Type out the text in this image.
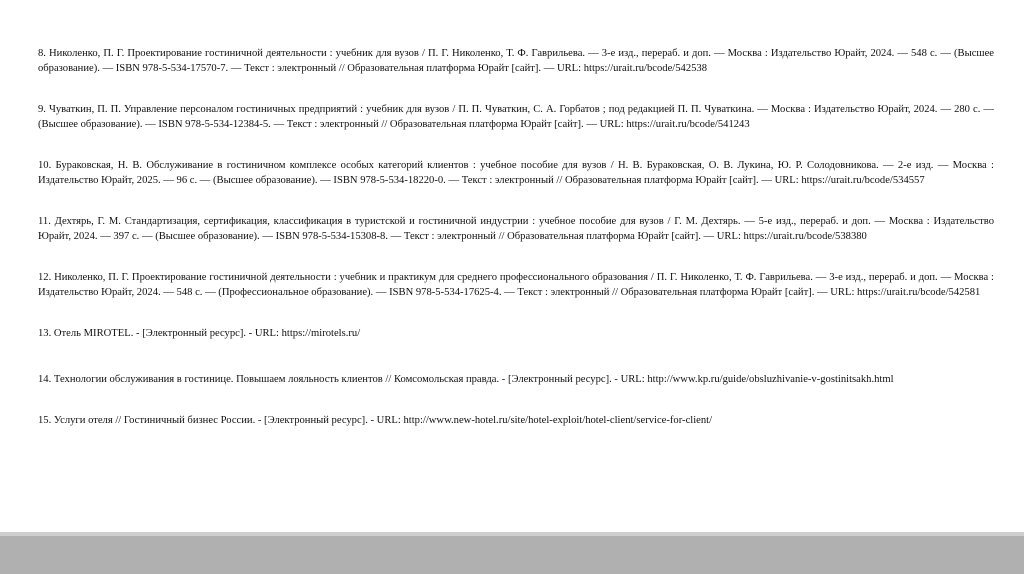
8. Николенко, П. Г. Проектирование гостиничной деятельности : учебник для вузов / П. Г. Николенко, Т. Ф. Гаврильева. — 3-е изд., перераб. и доп. — Москва : Издательство Юрайт, 2024. — 548 с. — (Высшее образование). — ISBN 978-5-534-17570-7. — Текст : электронный // Образовательная платформа Юрайт [сайт]. — URL: https://urait.ru/bcode/542538
9. Чуваткин, П. П. Управление персоналом гостиничных предприятий : учебник для вузов / П. П. Чуваткин, С. А. Горбатов ; под редакцией П. П. Чуваткина. — Москва : Издательство Юрайт, 2024. — 280 с. — (Высшее образование). — ISBN 978-5-534-12384-5. — Текст : электронный // Образовательная платформа Юрайт [сайт]. — URL: https://urait.ru/bcode/541243
10. Бураковская, Н. В. Обслуживание в гостиничном комплексе особых категорий клиентов : учебное пособие для вузов / Н. В. Бураковская, О. В. Лукина, Ю. Р. Солодовникова. — 2-е изд. — Москва : Издательство Юрайт, 2025. — 96 с. — (Высшее образование). — ISBN 978-5-534-18220-0. — Текст : электронный // Образовательная платформа Юрайт [сайт]. — URL: https://urait.ru/bcode/534557
11. Дехтярь, Г. М. Стандартизация, сертификация, классификация в туристской и гостиничной индустрии : учебное пособие для вузов / Г. М. Дехтярь. — 5-е изд., перераб. и доп. — Москва : Издательство Юрайт, 2024. — 397 с. — (Высшее образование). — ISBN 978-5-534-15308-8. — Текст : электронный // Образовательная платформа Юрайт [сайт]. — URL: https://urait.ru/bcode/538380
12. Николенко, П. Г. Проектирование гостиничной деятельности : учебник и практикум для среднего профессионального образования / П. Г. Николенко, Т. Ф. Гаврильева. — 3-е изд., перераб. и доп. — Москва : Издательство Юрайт, 2024. — 548 с. — (Профессиональное образование). — ISBN 978-5-534-17625-4. — Текст : электронный // Образовательная платформа Юрайт [сайт]. — URL: https://urait.ru/bcode/542581
13. Отель MIROTEL. - [Электронный ресурс]. - URL: https://mirotels.ru/
14. Технологии обслуживания в гостинице. Повышаем лояльность клиентов // Комсомольская правда. - [Электронный ресурс]. - URL: http://www.kp.ru/guide/obsluzhivanie-v-gostinitsakh.html
15. Услуги отеля // Гостиничный бизнес России. - [Электронный ресурс]. - URL: http://www.new-hotel.ru/site/hotel-exploit/hotel-client/service-for-client/
